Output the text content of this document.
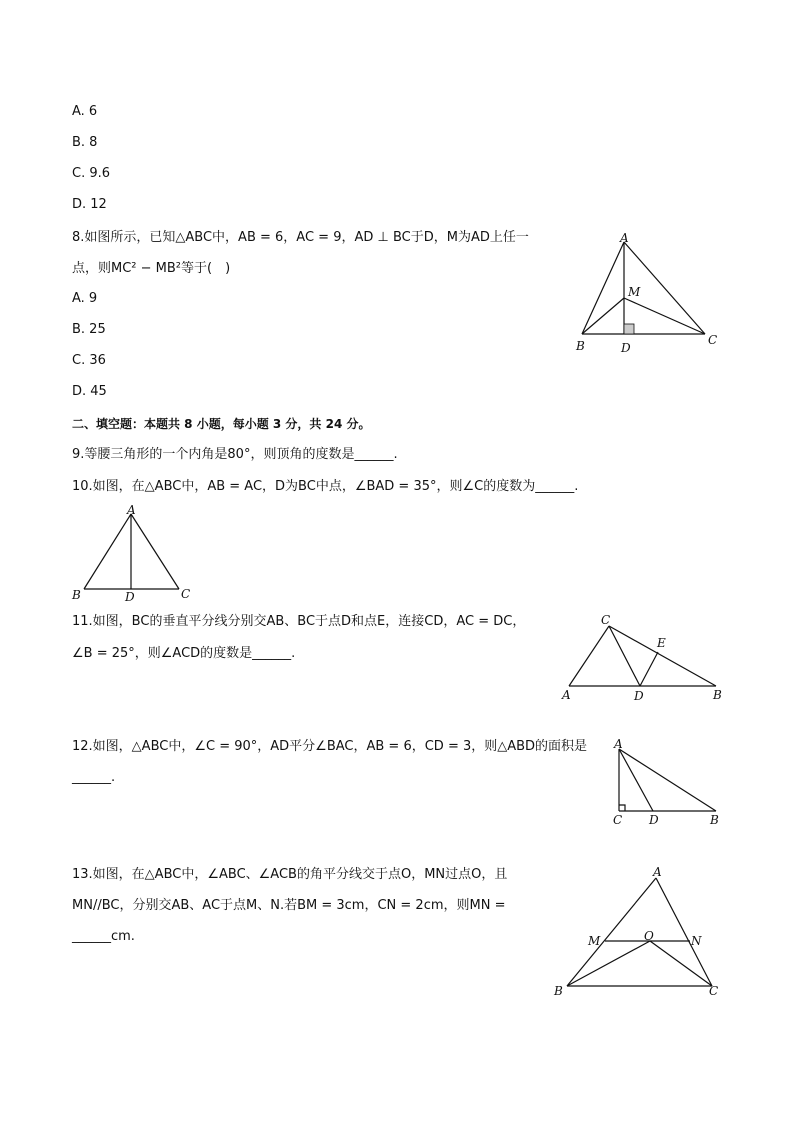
A. 6
B. 8
C. 9.6
D. 12
8.如图所示，已知△ABC中，AB = 6，AC = 9，AD ⊥ BC于D，M为AD上任一
点，则MC² − MB²等于(　)
A. 9
B. 25
C. 36
D. 45
A
M
B	D
C
二、填空题：本题共 8 小题，每小题 3 分，共 24 分。
9.等腰三角形的一个内角是80°，则顶角的度数是______.
10.如图，在△ABC中，AB = AC，D为BC中点，∠BAD = 35°，则∠C的度数为______.
A
B	D	C
11.如图，BC的垂直平分线分别交AB、BC于点D和点E，连接CD，AC = DC，
∠B = 25°，则∠ACD的度数是______.
C
E
A	D	B
12.如图，△ABC中，∠C = 90°，AD平分∠BAC，AB = 6，CD = 3，则△ABD的面积是
______.
A
C D	B
13.如图，在△ABC中，∠ABC、∠ACB的角平分线交于点O，MN过点O，且
MN//BC，分别交AB、AC于点M、N.若BM = 3cm，CN = 2cm，则MN =
______cm.
A
M	O	N
B	C
